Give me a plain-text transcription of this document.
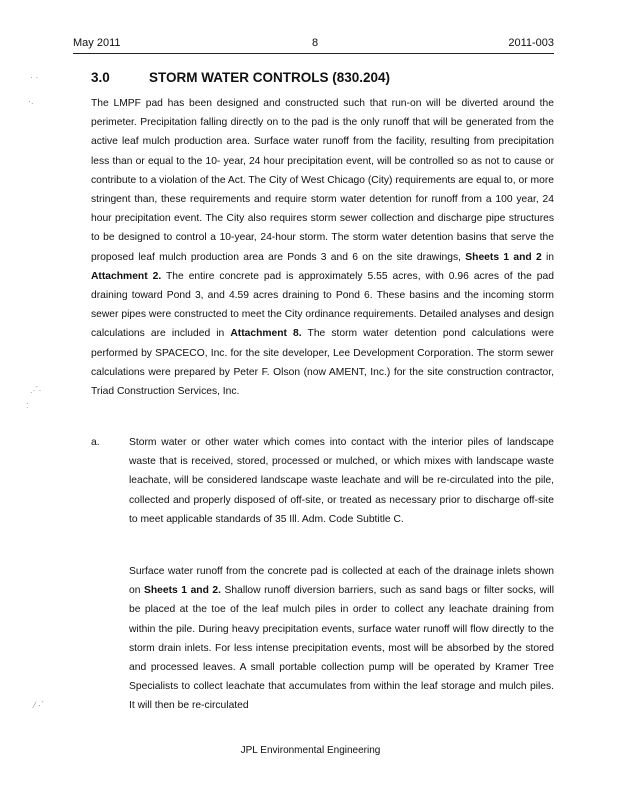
May 2011	8	2011-003
3.0	STORM WATER CONTROLS (830.204)
The LMPF pad has been designed and constructed such that run-on will be diverted around the perimeter. Precipitation falling directly on to the pad is the only runoff that will be generated from the active leaf mulch production area. Surface water runoff from the facility, resulting from precipitation less than or equal to the 10- year, 24 hour precipitation event, will be controlled so as not to cause or contribute to a violation of the Act. The City of West Chicago (City) requirements are equal to, or more stringent than, these requirements and require storm water detention for runoff from a 100 year, 24 hour precipitation event. The City also requires storm sewer collection and discharge pipe structures to be designed to control a 10-year, 24-hour storm. The storm water detention basins that serve the proposed leaf mulch production area are Ponds 3 and 6 on the site drawings, Sheets 1 and 2 in Attachment 2. The entire concrete pad is approximately 5.55 acres, with 0.96 acres of the pad draining toward Pond 3, and 4.59 acres draining to Pond 6. These basins and the incoming storm sewer pipes were constructed to meet the City ordinance requirements. Detailed analyses and design calculations are included in Attachment 8. The storm water detention pond calculations were performed by SPACECO, Inc. for the site developer, Lee Development Corporation. The storm sewer calculations were prepared by Peter F. Olson (now AMENT, Inc.) for the site construction contractor, Triad Construction Services, Inc.
a.	Storm water or other water which comes into contact with the interior piles of landscape waste that is received, stored, processed or mulched, or which mixes with landscape waste leachate, will be considered landscape waste leachate and will be re-circulated into the pile, collected and properly disposed of off-site, or treated as necessary prior to discharge off-site to meet applicable standards of 35 Ill. Adm. Code Subtitle C.
Surface water runoff from the concrete pad is collected at each of the drainage inlets shown on Sheets 1 and 2. Shallow runoff diversion barriers, such as sand bags or filter socks, will be placed at the toe of the leaf mulch piles in order to collect any leachate draining from within the pile. During heavy precipitation events, surface water runoff will flow directly to the storm drain inlets. For less intense precipitation events, most will be absorbed by the stored and processed leaves. A small portable collection pump will be operated by Kramer Tree Specialists to collect leachate that accumulates from within the leaf storage and mulch piles. It will then be re-circulated
JPL Environmental Engineering
· ·
·.
.·´·
:
⁄ ·`
